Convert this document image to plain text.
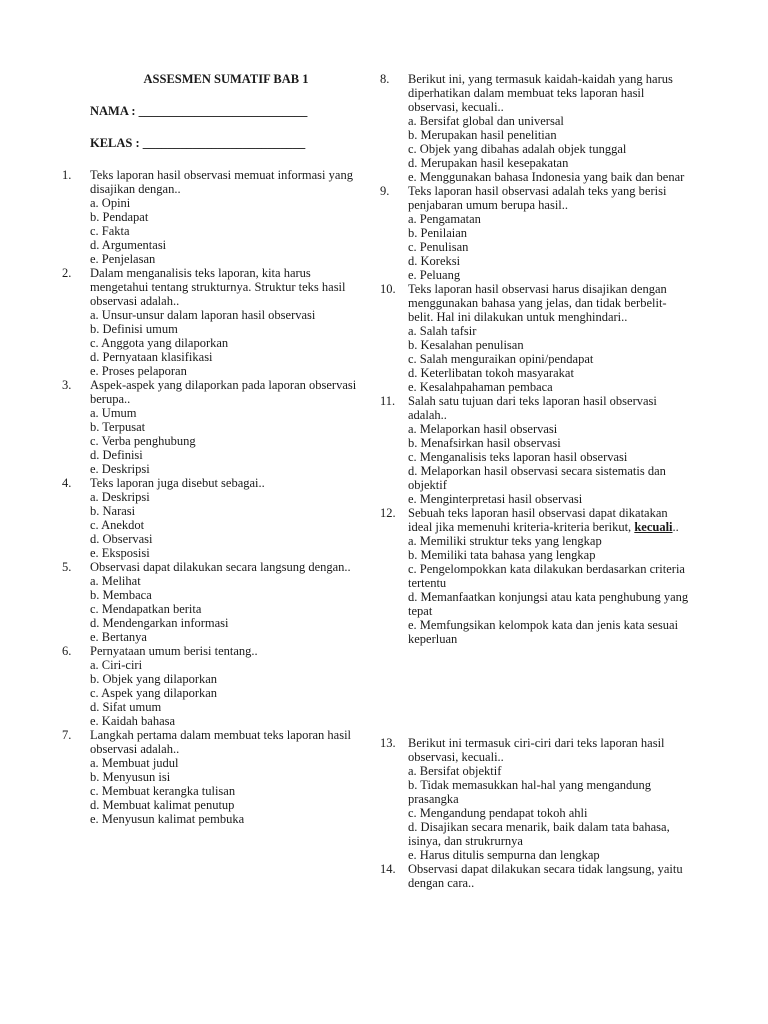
ASSESMEN SUMATIF BAB 1
NAMA : ___________________________
KELAS : __________________________
1.	Teks laporan hasil observasi memuat informasi yang disajikan dengan..
a. Opini
b. Pendapat
c. Fakta
d. Argumentasi
e. Penjelasan
2.	Dalam menganalisis teks laporan, kita harus mengetahui tentang strukturnya. Struktur teks hasil observasi adalah..
a. Unsur-unsur dalam laporan hasil observasi
b. Definisi umum
c. Anggota yang dilaporkan
d. Pernyataan klasifikasi
e. Proses pelaporan
3.	Aspek-aspek yang dilaporkan pada laporan observasi berupa..
a. Umum
b. Terpusat
c. Verba penghubung
d. Definisi
e. Deskripsi
4.	Teks laporan juga disebut sebagai..
a. Deskripsi
b. Narasi
c. Anekdot
d. Observasi
e. Eksposisi
5.	Observasi dapat dilakukan secara langsung dengan..
a. Melihat
b. Membaca
c. Mendapatkan berita
d. Mendengarkan informasi
e. Bertanya
6.	Pernyataan umum berisi tentang..
a. Ciri-ciri
b. Objek yang dilaporkan
c. Aspek yang dilaporkan
d. Sifat umum
e. Kaidah bahasa
7.	Langkah pertama dalam membuat teks laporan hasil observasi adalah..
a. Membuat judul
b. Menyusun isi
c. Membuat kerangka tulisan
d. Membuat kalimat penutup
e. Menyusun kalimat pembuka
8.	Berikut ini, yang termasuk kaidah-kaidah yang harus diperhatikan dalam membuat teks laporan hasil observasi, kecuali..
a. Bersifat global dan universal
b. Merupakan hasil penelitian
c. Objek yang dibahas adalah objek tunggal
d. Merupakan hasil kesepakatan
e. Menggunakan bahasa Indonesia yang baik dan benar
9.	Teks laporan hasil observasi adalah teks yang berisi penjabaran umum berupa hasil..
a. Pengamatan
b. Penilaian
c. Penulisan
d. Koreksi
e. Peluang
10. Teks laporan hasil observasi harus disajikan dengan menggunakan bahasa yang jelas, dan tidak berbelit-belit. Hal ini dilakukan untuk menghindari..
a. Salah tafsir
b. Kesalahan penulisan
c. Salah menguraikan opini/pendapat
d. Keterlibatan tokoh masyarakat
e. Kesalahpahaman pembaca
11.	Salah satu tujuan dari teks laporan hasil observasi adalah..
a. Melaporkan hasil observasi
b. Menafsirkan hasil observasi
c. Menganalisis teks laporan hasil observasi
d. Melaporkan hasil observasi secara sistematis dan objektif
e. Menginterpretasi hasil observasi
12. Sebuah teks laporan hasil observasi dapat dikatakan ideal jika memenuhi kriteria-kriteria berikut, kecuali..
a. Memiliki struktur teks yang lengkap
b. Memiliki tata bahasa yang lengkap
c. Pengelompokkan kata dilakukan berdasarkan criteria tertentu
d. Memanfaatkan konjungsi atau kata penghubung yang tepat
e. Memfungsikan kelompok kata dan jenis kata sesuai keperluan
13. Berikut ini termasuk ciri-ciri dari teks laporan hasil observasi, kecuali..
a. Bersifat objektif
b. Tidak memasukkan hal-hal yang mengandung prasangka
c. Mengandung pendapat tokoh ahli
d. Disajikan secara menarik, baik dalam tata bahasa, isinya, dan strukrurnya
e. Harus ditulis sempurna dan lengkap
14. Observasi dapat dilakukan secara tidak langsung, yaitu dengan cara..
